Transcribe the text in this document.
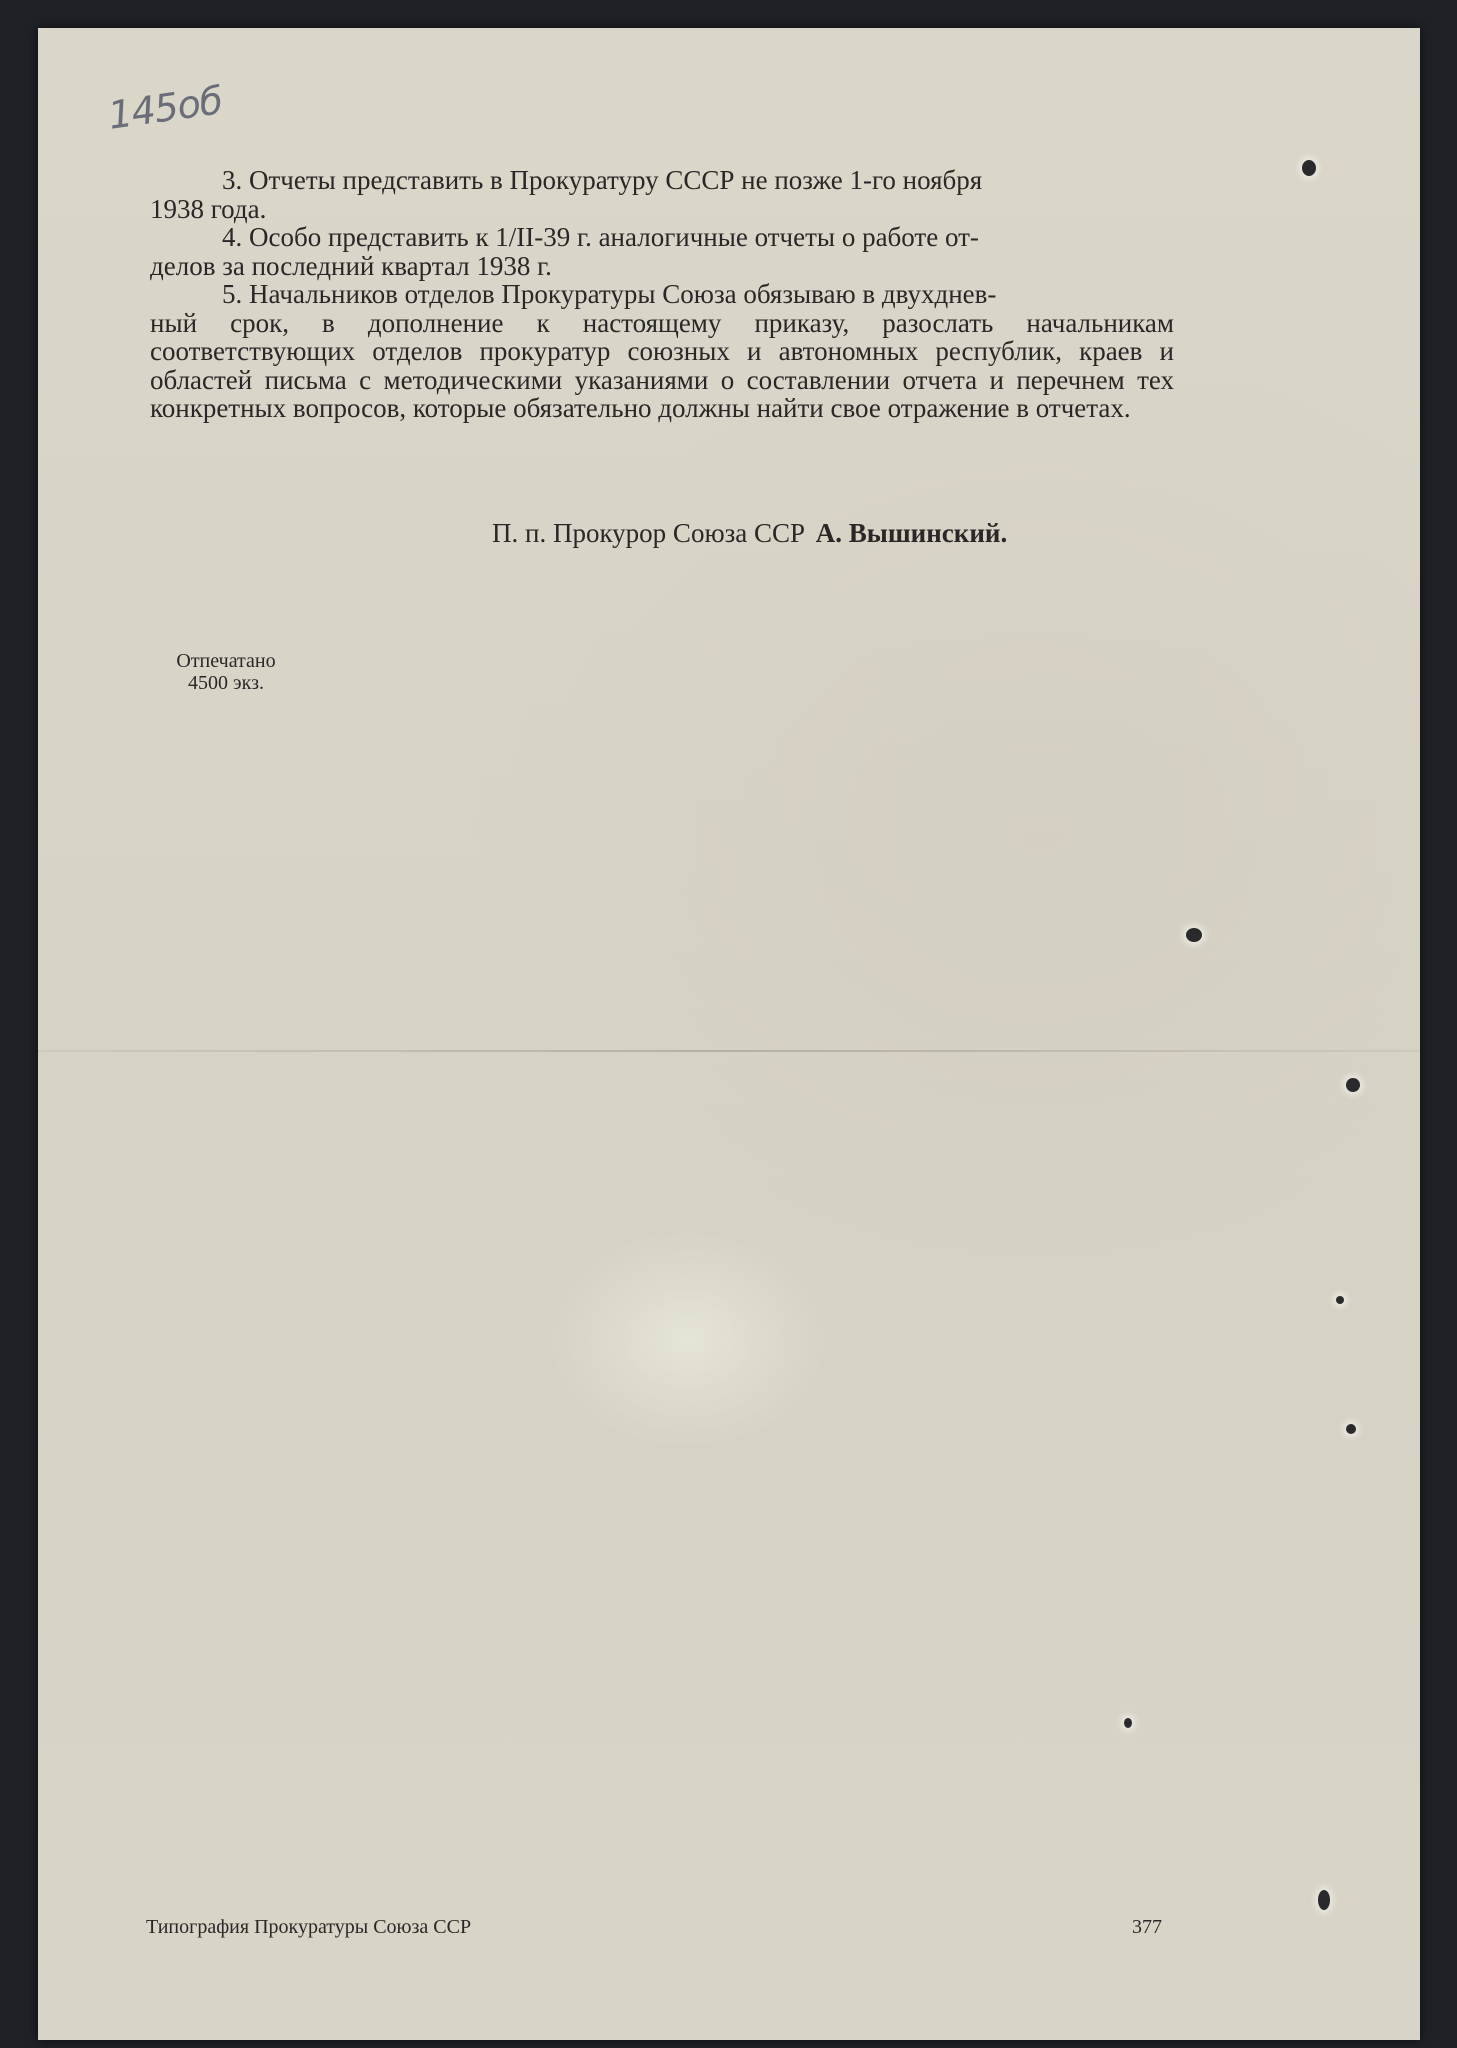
145об

3. Отчеты представить в Прокуратуру СССР не позже 1-го ноября
1938 года.

4. Особо представить к 1/II-39 г. аналогичные отчеты о работе от-
делов за последний квартал 1938 г.

5. Начальников отделов Прокуратуры Союза обязываю в двухднев-
ный срок, в дополнение к настоящему приказу, разослать начальникам соответствующих отделов прокуратур союзных и автономных республик, краев и областей письма с методическими указаниями о составлении отчета и перечнем тех конкретных вопросов, которые обязательно должны найти свое отражение в отчетах.

П. п. Прокурор Союза ССР А. Вышинский.
Отпечатано
4500 экз.
Типография Прокуратуры Союза ССР	377
